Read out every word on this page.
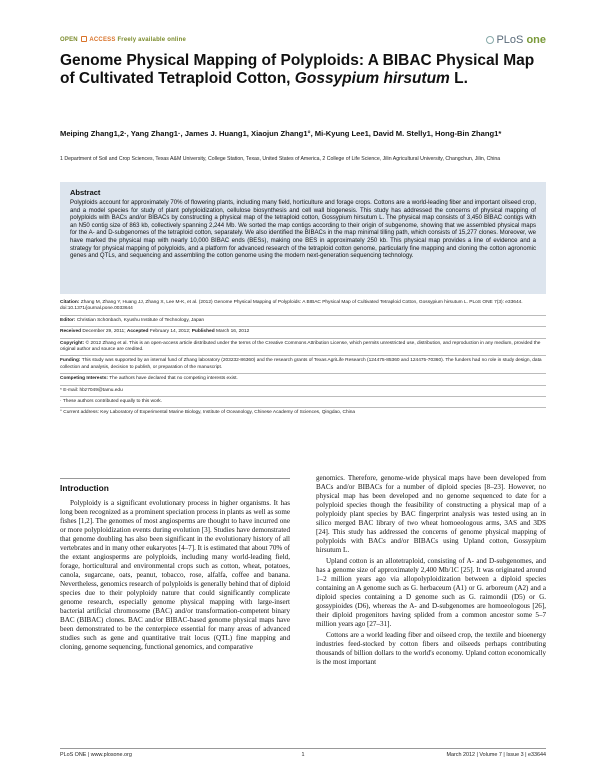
OPEN ACCESS Freely available online	PLoS one
Genome Physical Mapping of Polyploids: A BIBAC Physical Map of Cultivated Tetraploid Cotton, Gossypium hirsutum L.
Meiping Zhang1,2·, Yang Zhang1·, James J. Huang1, Xiaojun Zhang1°, Mi-Kyung Lee1, David M. Stelly1, Hong-Bin Zhang1*
1 Department of Soil and Crop Sciences, Texas A&M University, College Station, Texas, United States of America, 2 College of Life Science, Jilin Agricultural University, Changchun, Jilin, China
Abstract

Polyploids account for approximately 70% of flowering plants, including many field, horticulture and forage crops. Cottons are a world-leading fiber and important oilseed crop, and a model species for study of plant polyploidization, cellulose biosynthesis and cell wall biogenesis. This study has addressed the concerns of physical mapping of polyploids with BACs and/or BIBACs by constructing a physical map of the tetraploid cotton, Gossypium hirsutum L. The physical map consists of 3,450 BIBAC contigs with an N50 contig size of 863 kb, collectively spanning 2,244 Mb. We sorted the map contigs according to their origin of subgenome, showing that we assembled physical maps for the A- and D-subgenomes of the tetraploid cotton, separately. We also identified the BIBACs in the map minimal tilling path, which consists of 15,277 clones. Moreover, we have marked the physical map with nearly 10,000 BIBAC ends (BESs), making one BES in approximately 250 kb. This physical map provides a line of evidence and a strategy for physical mapping of polyploids, and a platform for advanced research of the tetraploid cotton genome, particularly fine mapping and cloning the cotton agronomic genes and QTLs, and sequencing and assembling the cotton genome using the modern next-generation sequencing technology.

Citation: Zhang M, Zhang Y, Huang JJ, Zhang X, Lee M-K, et al. (2012) Genome Physical Mapping of Polyploids: A BIBAC Physical Map of Cultivated Tetraploid Cotton, Gossypium hirsutum L. PLoS ONE 7(3): e33644. doi:10.1371/journal.pone.0033644
Editor: Christian Schönbach, Kyushu Institute of Technology, Japan
Received December 29, 2011; Accepted February 14, 2012; Published March 16, 2012
Copyright: © 2012 Zhang et al. This is an open-access article distributed under the terms of the Creative Commons Attribution License, which permits unrestricted use, distribution, and reproduction in any medium, provided the original author and source are credited.
Funding: This study was supported by an internal fund of Zhang laboratory (203232-86360) and the research grants of Texas AgriLife Research (124475-85360 and 124475-70360). The funders had no role in study design, data collection and analysis, decision to publish, or preparation of the manuscript.
Competing Interests: The authors have declared that no competing interests exist.
* E-mail: hbz7049@tamu.edu
· These authors contributed equally to this work.
° Current address: Key Laboratory of Experimental Marine Biology, Institute of Oceanology, Chinese Academy of Sciences, Qingdao, China
Introduction

Polyploidy is a significant evolutionary process in higher organisms. It has long been recognized as a prominent speciation process in plants as well as some fishes [1,2]. The genomes of most angiosperms are thought to have incurred one or more polyploidization events during evolution [3]. Studies have demonstrated that genome doubling has also been significant in the evolutionary history of all vertebrates and in many other eukaryotes [4–7]. It is estimated that about 70% of the extant angiosperms are polyploids, including many world-leading field, forage, horticultural and environmental crops such as cotton, wheat, potatoes, canola, sugarcane, oats, peanut, tobacco, rose, alfalfa, coffee and banana. Nevertheless, genomics research of polyploids is generally behind that of diploid species due to their polyploidy nature that could significantly complicate genome research, especially genome physical mapping with large-insert bacterial artificial chromosome (BAC) and/or transformation-competent binary BAC (BIBAC) clones. BAC and/or BIBAC-based genome physical maps have been demonstrated to be the centerpiece essential for many areas of advanced studies such as gene and quantitative trait locus (QTL) fine mapping and cloning, genome sequencing, functional genomics, and comparative

genomics. Therefore, genome-wide physical maps have been developed from BACs and/or BIBACs for a number of diploid species [8–23]. However, no physical map has been developed and no genome sequenced to date for a polyploid species though the feasibility of constructing a physical map of a polyploidy plant species by BAC fingerprint analysis was tested using an in silico merged BAC library of two wheat homoeologous arms, 3AS and 3DS [24]. This study has addressed the concerns of genome physical mapping of polyploids with BACs and/or BIBACs using Upland cotton, Gossypium hirsutum L.

Upland cotton is an allotetraploid, consisting of A- and D-subgenomes, and has a genome size of approximately 2,400 Mb/1C [25]. It was originated around 1–2 million years ago via allopolyploidization between a diploid species containing an A genome such as G. herbaceum (A1) or G. arboreum (A2) and a diploid species containing a D genome such as G. raimondii (D5) or G. gossypioides (D6), whereas the A- and D-subgenomes are homoeologous [26], their diploid progenitors having splided from a common ancestor some 5–7 million years ago [27–31].

Cottons are a world leading fiber and oilseed crop, the textile and bioenergy industries feed-stocked by cotton fibers and oilseeds perhaps contributing thousands of billion dollars to the world's economy. Upland cotton economically is the most important

PLoS ONE | www.plosone.org	1	March 2012 | Volume 7 | Issue 3 | e33644
